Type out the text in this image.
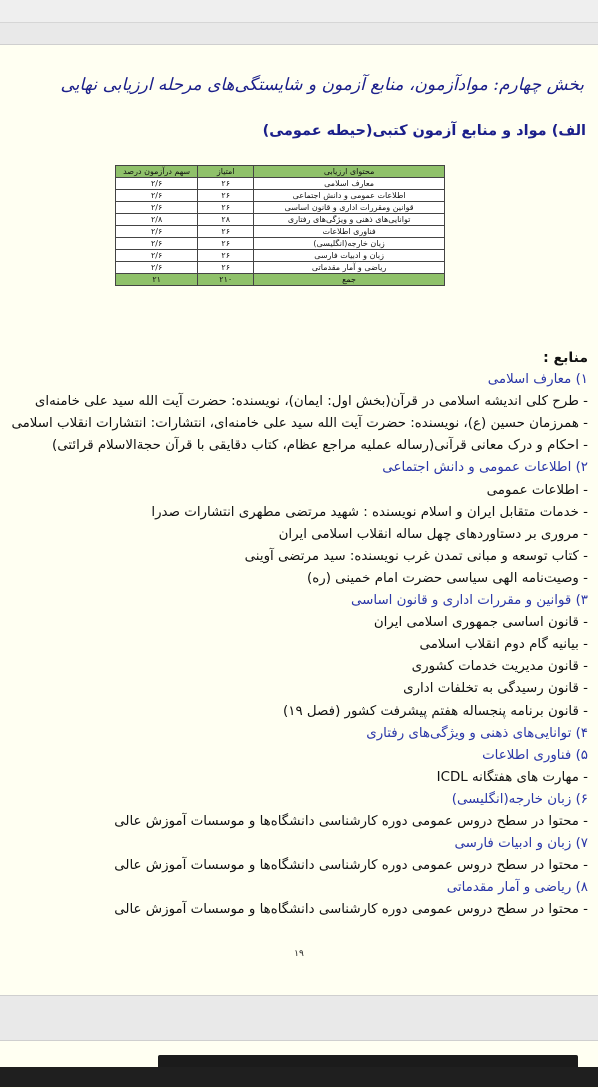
بخش چهارم: موادآزمون، منابع آزمون و شایستگی‌های مرحله ارزیابی نهایی
الف) مواد و منابع آزمون کتبی(حیطه عمومی)
محتوای ارزیابی	امتیاز	سهم درآزمون درصد
معارف اسلامی	۲۶	۲/۶
اطلاعات عمومی و دانش اجتماعی	۲۶	۲/۶
قوانین ومقررات اداری و قانون اساسی	۲۶	۲/۶
توانایی‌های ذهنی و ویژگی‌های رفتاری	۲۸	۲/۸
فناوری اطلاعات	۲۶	۲/۶
زبان خارجه(انگلیسی)	۲۶	۲/۶
زبان و ادبیات فارسی	۲۶	۲/۶
ریاضی و آمار مقدماتی	۲۶	۲/۶
جمع	۲۱۰	۲۱
منابع :
۱) معارف اسلامی
- طرح کلی اندیشه اسلامی در قرآن(بخش اول: ایمان)، نویسنده: حضرت آیت الله سید علی خامنه‌ای
- همرزمان حسین (ع)، نویسنده: حضرت آیت الله سید علی خامنه‌ای، انتشارات: انتشارات انقلاب اسلامی
- احکام و درک معانی قرآنی(رساله عملیه مراجع عظام، کتاب دقایقی با قرآن حجةالاسلام قرائتی)
۲) اطلاعات عمومی و دانش اجتماعی
- اطلاعات عمومی
- خدمات متقابل ایران و اسلام نویسنده : شهید مرتضی مطهری انتشارات صدرا
- مروری بر دستاوردهای چهل ساله انقلاب اسلامی ایران
- کتاب توسعه و مبانی تمدن غرب نویسنده: سید مرتضی آوینی
- وصیت‌نامه الهی سیاسی حضرت امام خمینی (ره)
۳) قوانین و مقررات اداری و قانون اساسی
- قانون اساسی جمهوری اسلامی ایران
- بیانیه گام دوم انقلاب اسلامی
- قانون مدیریت خدمات کشوری
- قانون رسیدگی به تخلفات اداری
- قانون برنامه پنجساله هفتم پیشرفت کشور (فصل ۱۹)
۴) توانایی‌های ذهنی و ویژگی‌های رفتاری
۵) فناوری اطلاعات
- مهارت های هفتگانه ICDL
۶) زبان خارجه(انگلیسی)
- محتوا در سطح دروس عمومی دوره کارشناسی دانشگاه‌ها و موسسات آموزش عالی
۷) زبان و ادبیات فارسی
- محتوا در سطح دروس عمومی دوره کارشناسی دانشگاه‌ها و موسسات آموزش عالی
۸) ریاضی و آمار مقدماتی
- محتوا در سطح دروس عمومی دوره کارشناسی دانشگاه‌ها و موسسات آموزش عالی
۱۹
